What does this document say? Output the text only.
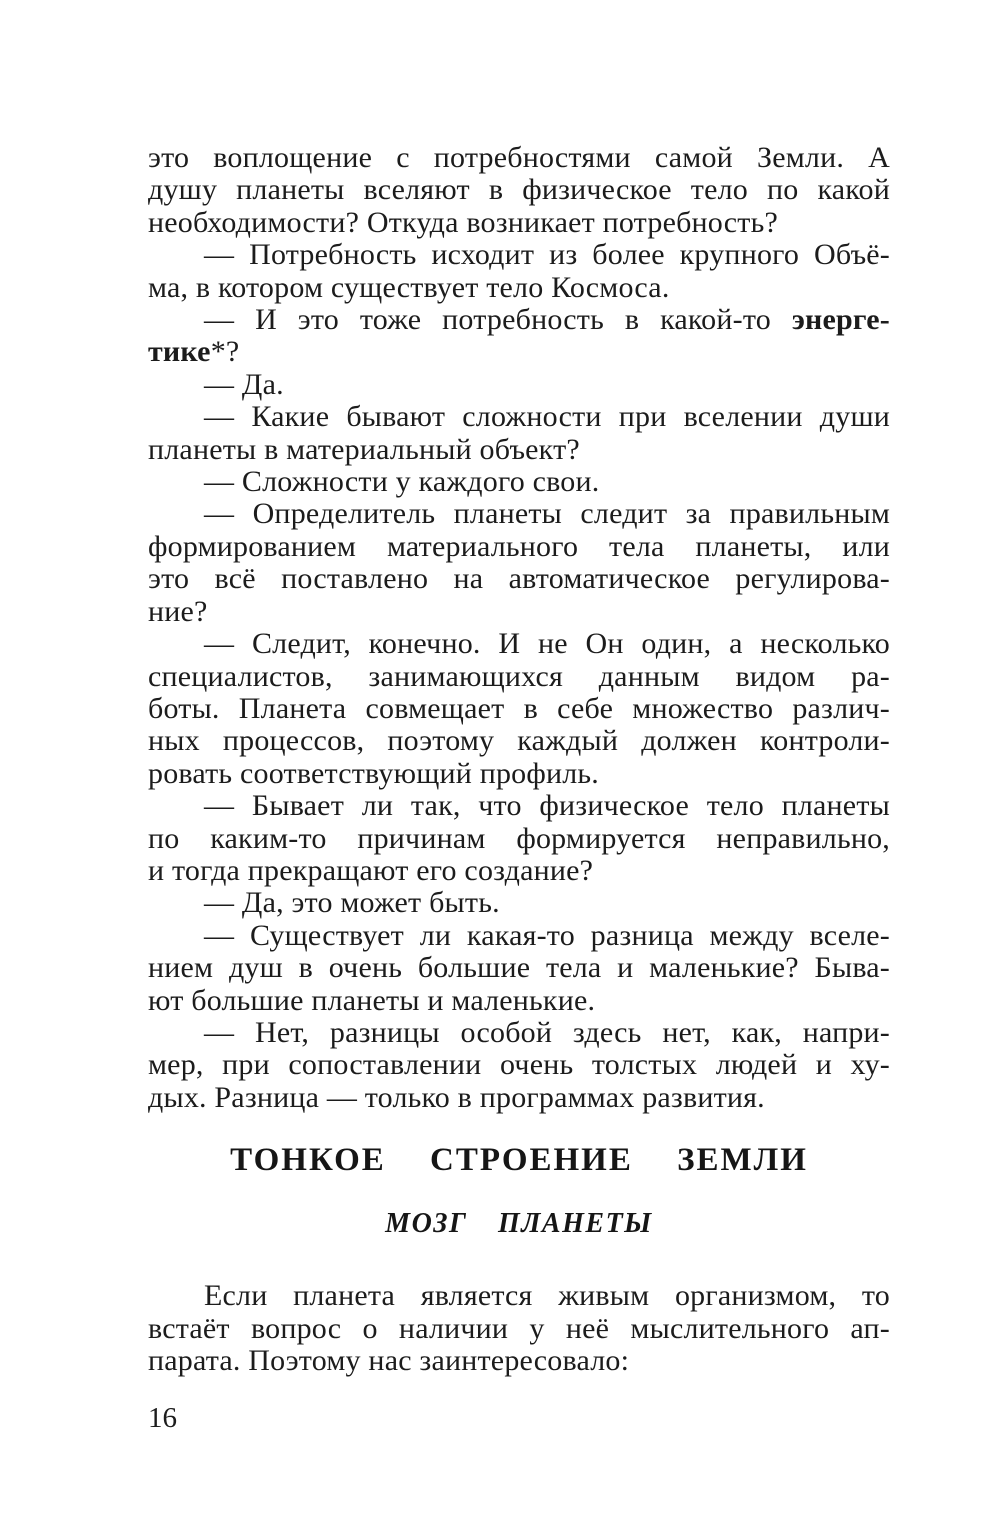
это воплощение с потребностями самой Земли. А
душу планеты вселяют в физическое тело по какой
необходимости? Откуда возникает потребность?
— Потребность исходит из более крупного Объё-
ма, в котором существует тело Космоса.
— И это тоже потребность в какой-то энерге-
тике*?
— Да.
— Какие бывают сложности при вселении души
планеты в материальный объект?
— Сложности у каждого свои.
— Определитель планеты следит за правильным
формированием материального тела планеты, или
это всё поставлено на автоматическое регулирова-
ние?
— Следит, конечно. И не Он один, а несколько
специалистов, занимающихся данным видом ра-
боты. Планета совмещает в себе множество различ-
ных процессов, поэтому каждый должен контроли-
ровать соответствующий профиль.
— Бывает ли так, что физическое тело планеты
по каким-то причинам формируется неправильно,
и тогда прекращают его создание?
— Да, это может быть.
— Существует ли какая-то разница между вселе-
нием душ в очень большие тела и маленькие? Быва-
ют большие планеты и маленькие.
— Нет, разницы особой здесь нет, как, напри-
мер, при сопоставлении очень толстых людей и ху-
дых. Разница — только в программах развития.
ТОНКОЕ СТРОЕНИЕ ЗЕМЛИ
МОЗГ ПЛАНЕТЫ
Если планета является живым организмом, то
встаёт вопрос о наличии у неё мыслительного ап-
парата. Поэтому нас заинтересовало:
16
